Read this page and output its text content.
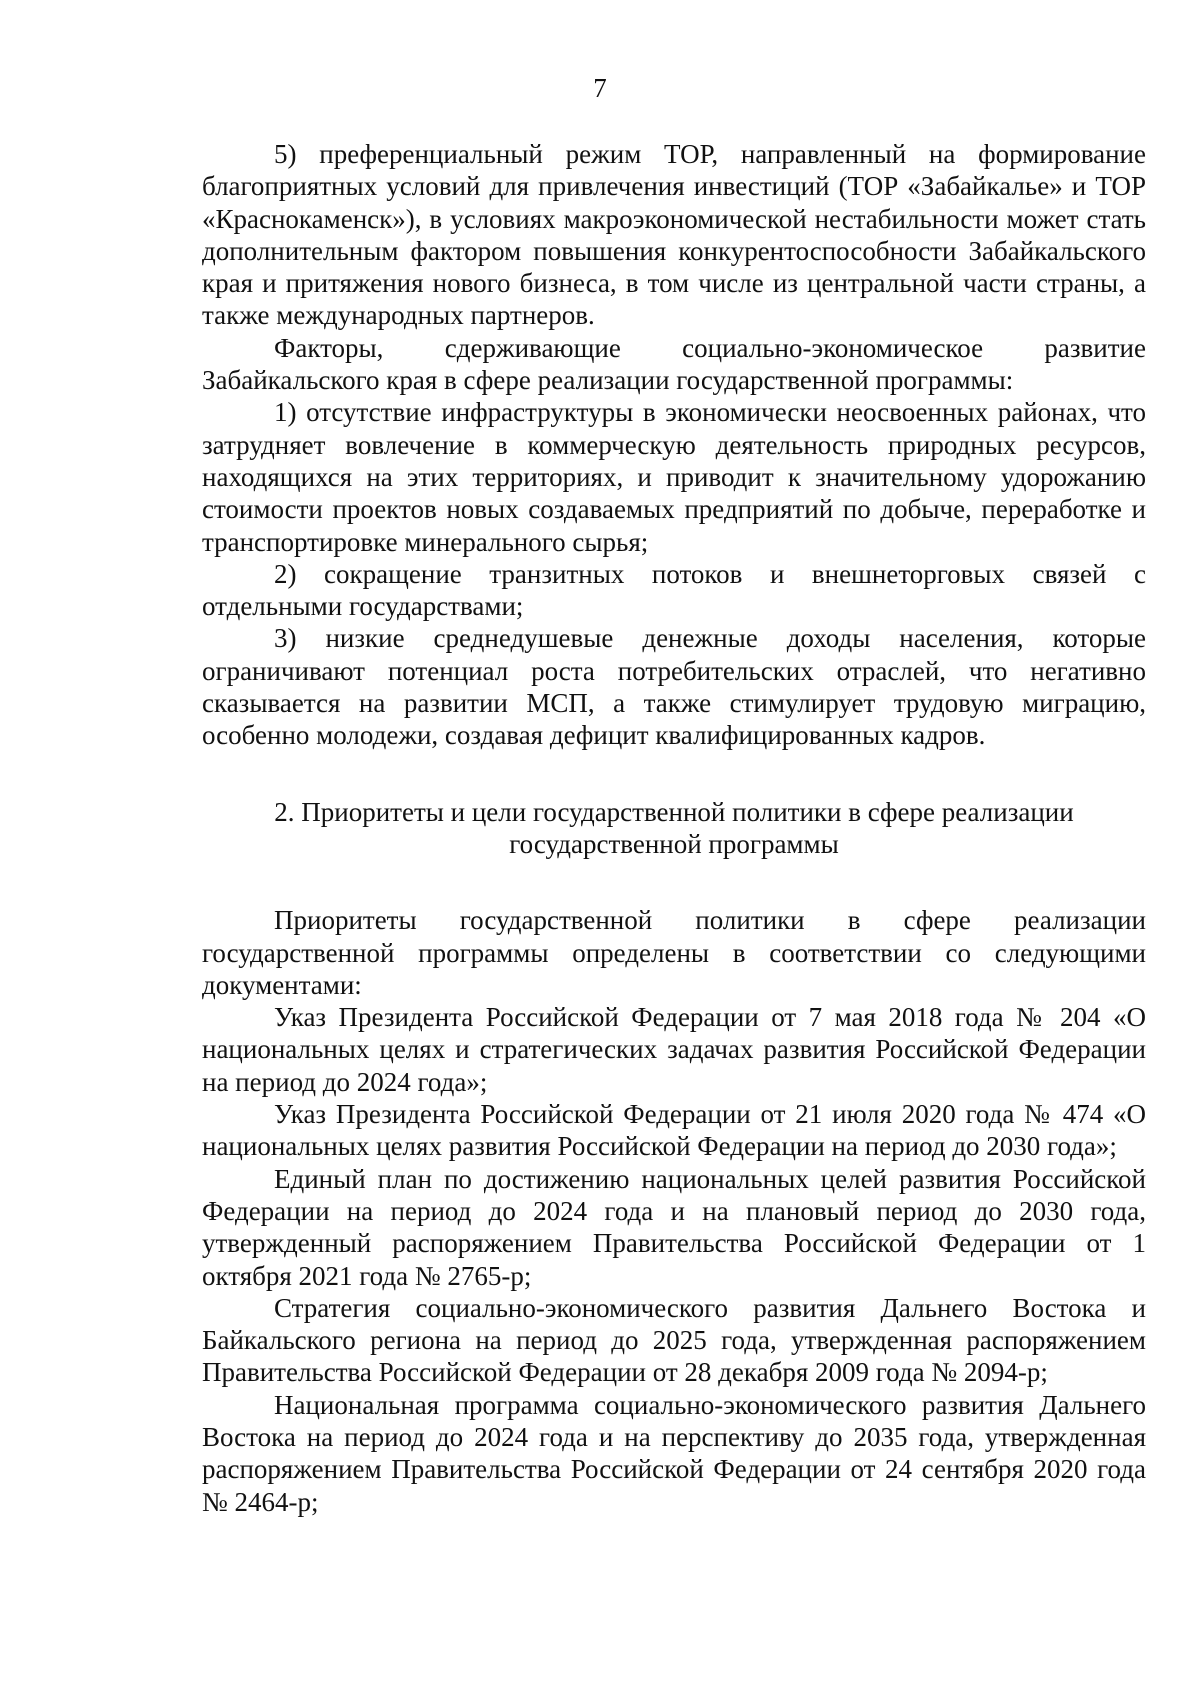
7

5) преференциальный режим ТОР, направленный на формирование благоприятных условий для привлечения инвестиций (ТОР «Забайкалье» и ТОР «Краснокаменск»), в условиях макроэкономической нестабильности может стать дополнительным фактором повышения конкурентоспособности Забайкальского края и притяжения нового бизнеса, в том числе из центральной части страны, а также международных партнеров.

Факторы, сдерживающие социально-экономическое развитие Забайкальского края в сфере реализации государственной программы:

1) отсутствие инфраструктуры в экономически неосвоенных районах, что затрудняет вовлечение в коммерческую деятельность природных ресурсов, находящихся на этих территориях, и приводит к значительному удорожанию стоимости проектов новых создаваемых предприятий по добыче, переработке и транспортировке минерального сырья;

2) сокращение транзитных потоков и внешнеторговых связей с отдельными государствами;

3) низкие среднедушевые денежные доходы населения, которые ограничивают потенциал роста потребительских отраслей, что негативно сказывается на развитии МСП, а также стимулирует трудовую миграцию, особенно молодежи, создавая дефицит квалифицированных кадров.

2. Приоритеты и цели государственной политики в сфере реализации
государственной программы

Приоритеты государственной политики в сфере реализации государственной программы определены в соответствии со следующими документами:

Указ Президента Российской Федерации от 7 мая 2018 года № 204 «О национальных целях и стратегических задачах развития Российской Федерации на период до 2024 года»;

Указ Президента Российской Федерации от 21 июля 2020 года № 474 «О национальных целях развития Российской Федерации на период до 2030 года»;

Единый план по достижению национальных целей развития Российской Федерации на период до 2024 года и на плановый период до 2030 года, утвержденный распоряжением Правительства Российской Федерации от 1 октября 2021 года № 2765-р;

Стратегия социально-экономического развития Дальнего Востока и Байкальского региона на период до 2025 года, утвержденная распоряжением Правительства Российской Федерации от 28 декабря 2009 года № 2094-р;

Национальная программа социально-экономического развития Дальнего Востока на период до 2024 года и на перспективу до 2035 года, утвержденная распоряжением Правительства Российской Федерации от 24 сентября 2020 года № 2464-р;
